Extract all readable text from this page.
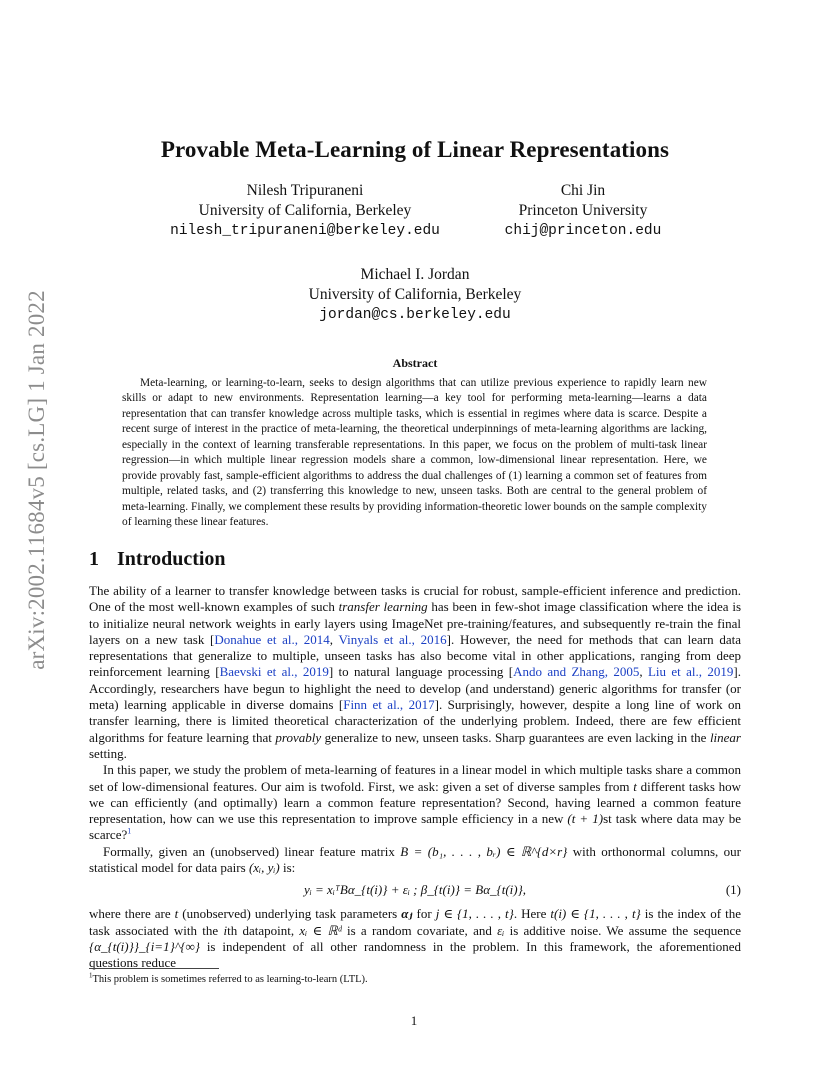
arXiv:2002.11684v5 [cs.LG] 1 Jan 2022
Provable Meta-Learning of Linear Representations
Nilesh Tripuraneni
University of California, Berkeley
nilesh_tripuraneni@berkeley.edu
Chi Jin
Princeton University
chij@princeton.edu
Michael I. Jordan
University of California, Berkeley
jordan@cs.berkeley.edu
Abstract

Meta-learning, or learning-to-learn, seeks to design algorithms that can utilize previous experience to rapidly learn new skills or adapt to new environments. Representation learning—a key tool for performing meta-learning—learns a data representation that can transfer knowledge across multiple tasks, which is essential in regimes where data is scarce. Despite a recent surge of interest in the practice of meta-learning, the theoretical underpinnings of meta-learning algorithms are lacking, especially in the context of learning transferable representations. In this paper, we focus on the problem of multi-task linear regression—in which multiple linear regression models share a common, low-dimensional linear representation. Here, we provide provably fast, sample-efficient algorithms to address the dual challenges of (1) learning a common set of features from multiple, related tasks, and (2) transferring this knowledge to new, unseen tasks. Both are central to the general problem of meta-learning. Finally, we complement these results by providing information-theoretic lower bounds on the sample complexity of learning these linear features.

1 Introduction

The ability of a learner to transfer knowledge between tasks is crucial for robust, sample-efficient inference and prediction. One of the most well-known examples of such transfer learning has been in few-shot image classification where the idea is to initialize neural network weights in early layers using ImageNet pre-training/features, and subsequently re-train the final layers on a new task [Donahue et al., 2014, Vinyals et al., 2016]. However, the need for methods that can learn data representations that generalize to multiple, unseen tasks has also become vital in other applications, ranging from deep reinforcement learning [Baevski et al., 2019] to natural language processing [Ando and Zhang, 2005, Liu et al., 2019]. Accordingly, researchers have begun to highlight the need to develop (and understand) generic algorithms for transfer (or meta) learning applicable in diverse domains [Finn et al., 2017]. Surprisingly, however, despite a long line of work on transfer learning, there is limited theoretical characterization of the underlying problem. Indeed, there are few efficient algorithms for feature learning that provably generalize to new, unseen tasks. Sharp guarantees are even lacking in the linear setting.

In this paper, we study the problem of meta-learning of features in a linear model in which multiple tasks share a common set of low-dimensional features. Our aim is twofold. First, we ask: given a set of diverse samples from t different tasks how we can efficiently (and optimally) learn a common feature representation? Second, having learned a common feature representation, how can we use this representation to improve sample efficiency in a new (t + 1)st task where data may be scarce?$^1$

Formally, given an (unobserved) linear feature matrix B = (b₁, . . . , bᵣ) ∈ ℝ^{d×r} with orthonormal columns, our statistical model for data pairs (xᵢ, yᵢ) is:

yᵢ = xᵢᵀBα_{t(i)} + εᵢ ; β_{t(i)} = Bα_{t(i)},	(1)

where there are t (unobserved) underlying task parameters αⱼ for j ∈ {1, . . . , t}. Here t(i) ∈ {1, . . . , t} is the index of the task associated with the ith datapoint, xᵢ ∈ ℝᵈ is a random covariate, and εᵢ is additive noise. We assume the sequence {α_{t(i)}}_{i=1}^{∞} is independent of all other randomness in the problem. In this framework, the aforementioned questions reduce

$^1$This problem is sometimes referred to as learning-to-learn (LTL).
1
